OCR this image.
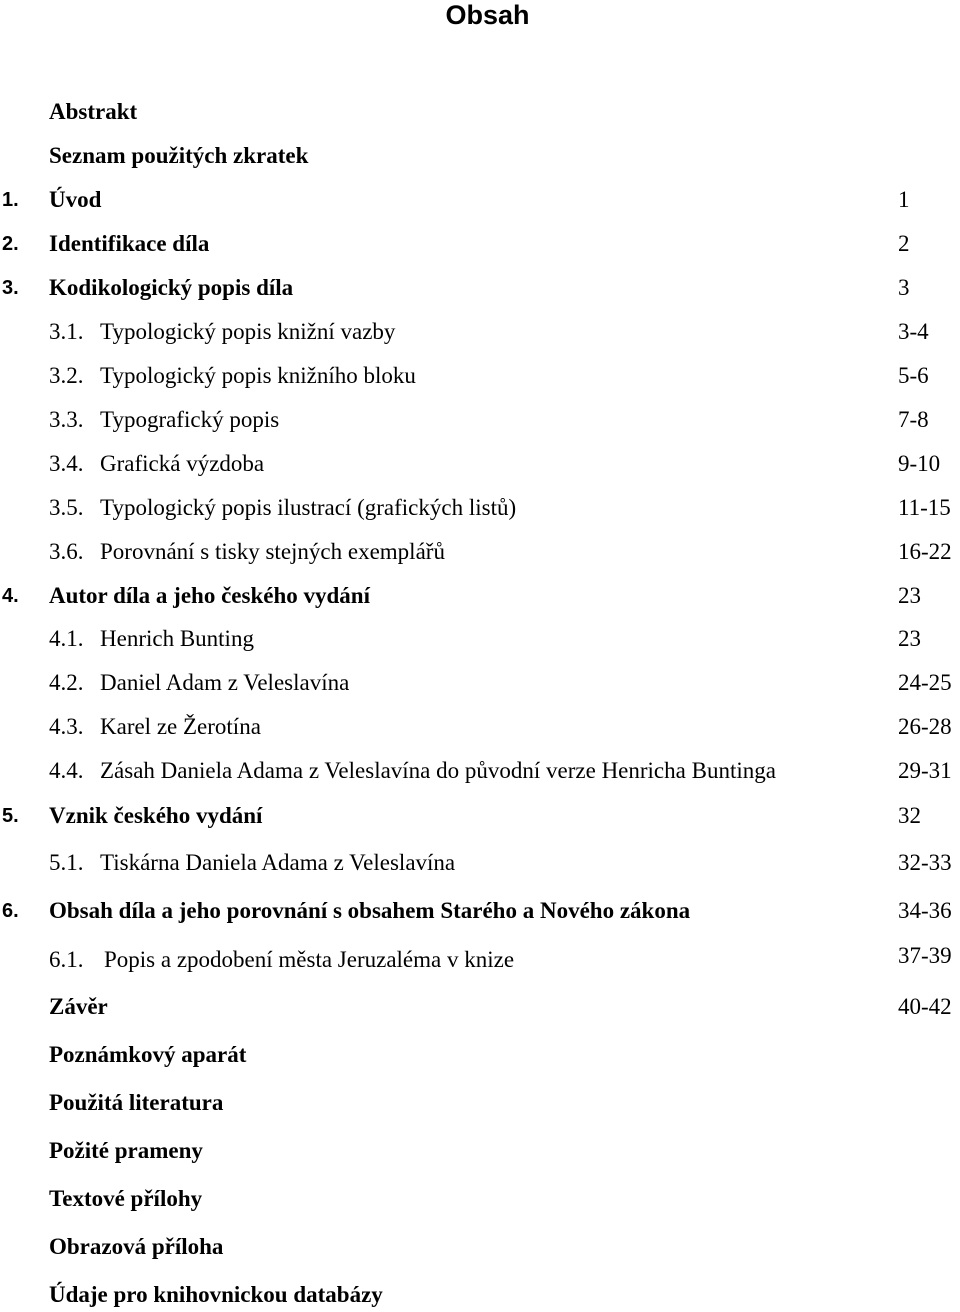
Obsah
Abstrakt
Seznam použitých zkratek
1. Úvod	1
2. Identifikace díla	2
3. Kodikologický popis díla	3
3.1. Typologický popis knižní vazby	3-4
3.2. Typologický popis knižního bloku	5-6
3.3. Typografický popis	7-8
3.4. Grafická výzdoba	9-10
3.5. Typologický popis ilustrací (grafických listů)	11-15
3.6. Porovnání s tisky stejných exemplářů	16-22
4. Autor díla a jeho českého vydání	23
4.1. Henrich Bunting	23
4.2. Daniel Adam z Veleslavína	24-25
4.3. Karel ze Žerotína	26-28
4.4. Zásah Daniela Adama z Veleslavína do původní verze Henricha Buntinga	29-31
5. Vznik českého vydání	32
5.1. Tiskárna Daniela Adama z Veleslavína	32-33
6. Obsah díla a jeho porovnání s obsahem Starého a Nového zákona	34-36
6.1. Popis a zpodobení města Jeruzaléma v knize	37-39
Závěr	40-42
Poznámkový aparát
Použitá literatura
Požité prameny
Textové přílohy
Obrazová příloha
Údaje pro knihovnickou databázy
